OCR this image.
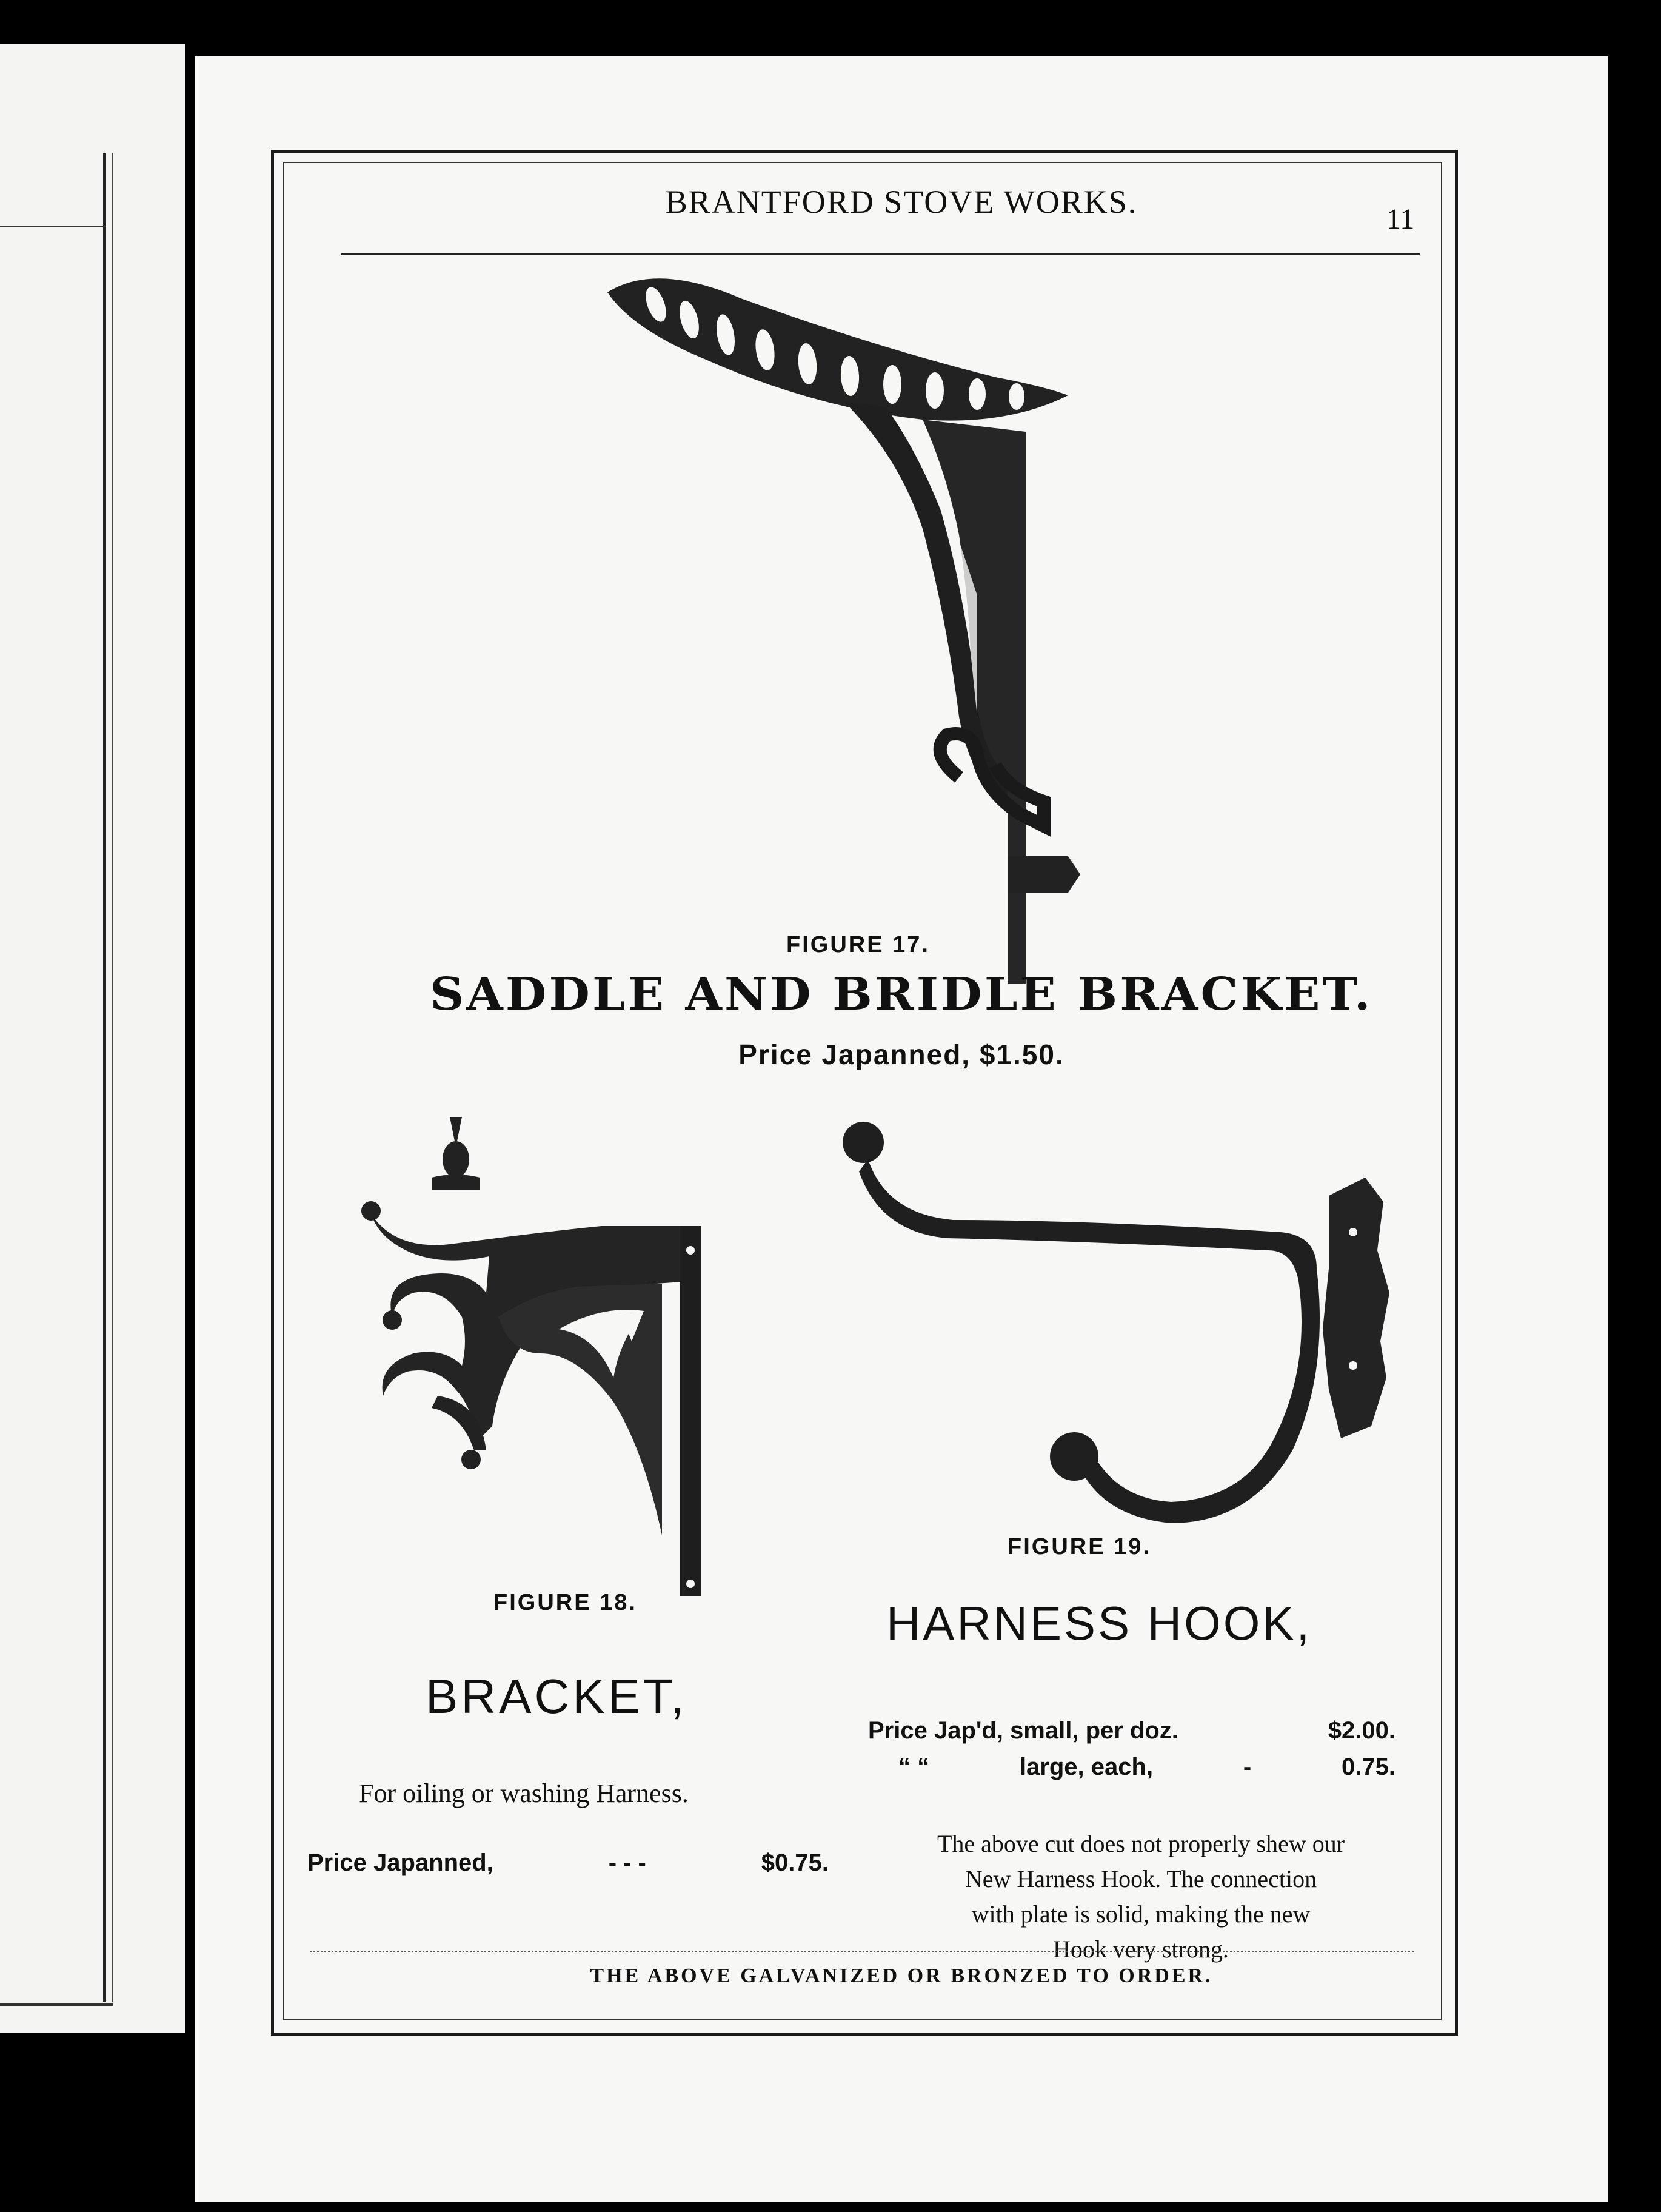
BRANTFORD STOVE WORKS.	11
FIGURE 17.
SADDLE AND BRIDLE BRACKET.
Price Japanned, $1.50.
FIGURE 18.
BRACKET,
For oiling or washing Harness.
Price Japanned,	- - -	$0.75.
FIGURE 19.
HARNESS HOOK,
Price Jap'd, small, per doz.	$2.00.
“ “	large, each,	-	0.75.
The above cut does not properly shew our
New Harness Hook. The connection
with plate is solid, making the new
Hook very strong.
THE ABOVE GALVANIZED OR BRONZED TO ORDER.
